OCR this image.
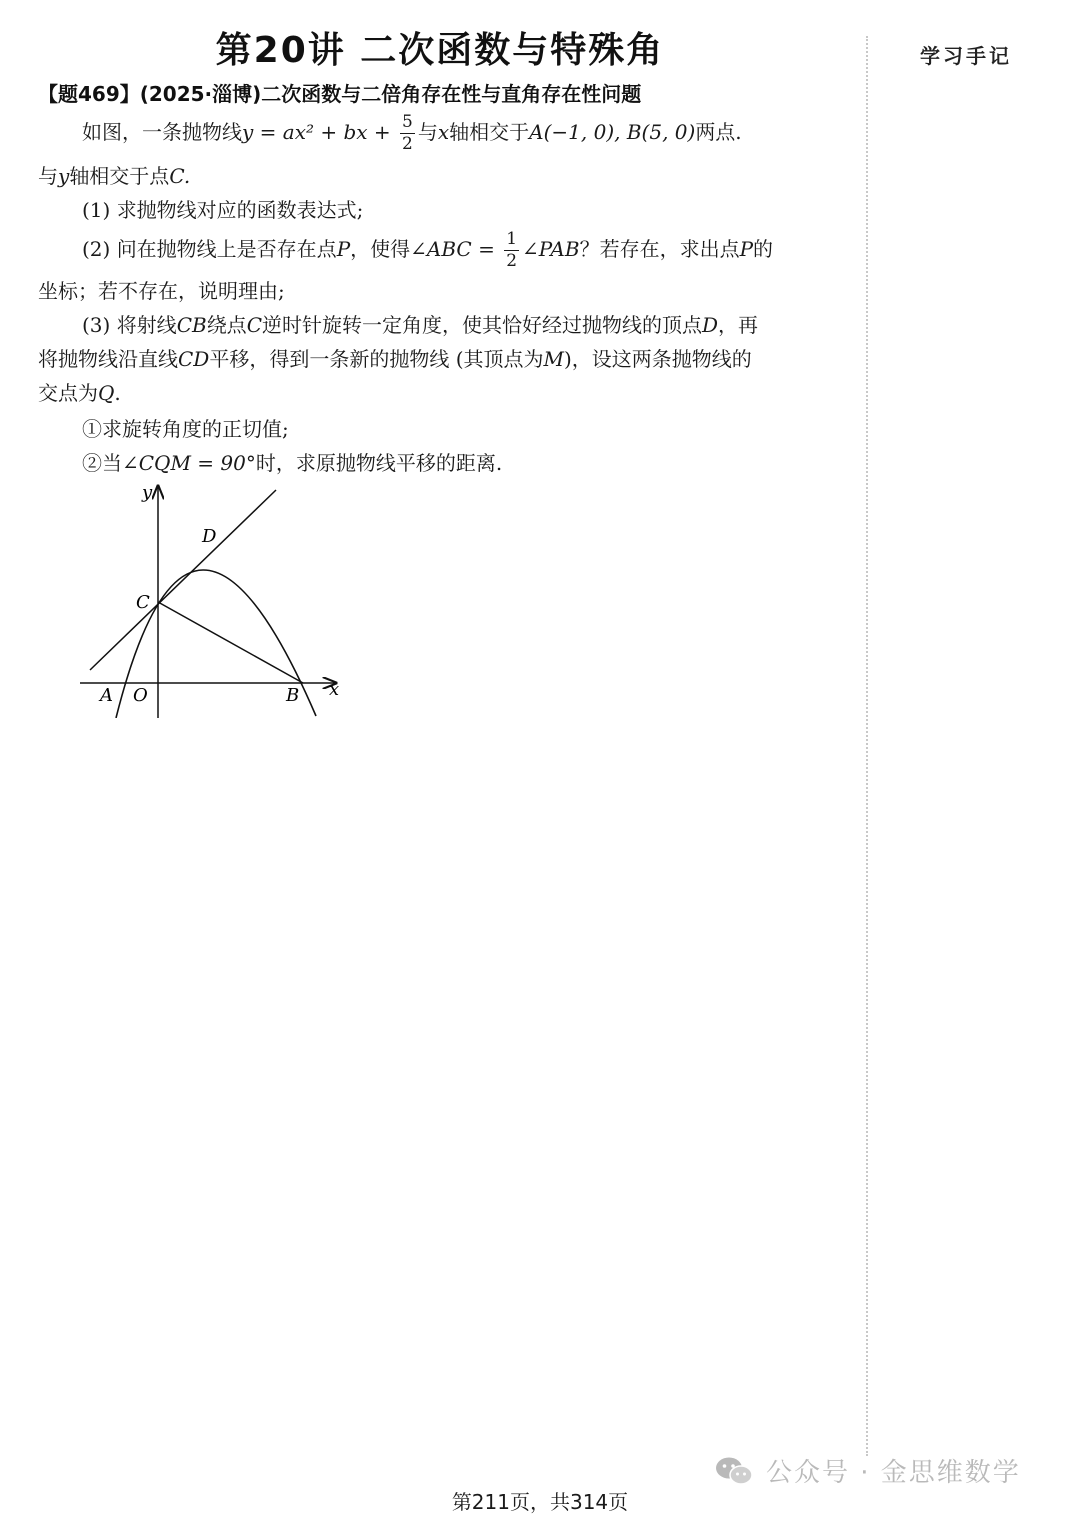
第20讲 二次函数与特殊角	学习手记
【题469】(2025·淄博)二次函数与二倍角存在性与直角存在性问题
如图，一条抛物线y = ax² + bx + $\frac{5}{2}$ 与x轴相交于A(−1, 0), B(5, 0)两点.
与y轴相交于点C.
(1) 求抛物线对应的函数表达式;
(2) 问在抛物线上是否存在点P，使得∠ABC = $\frac{1}{2}$ ∠PAB？若存在，求出点P的
坐标；若不存在，说明理由;
(3) 将射线CB绕点C逆时针旋转一定角度，使其恰好经过抛物线的顶点D，再
将抛物线沿直线CD平移，得到一条新的抛物线 (其顶点为M)，设这两条抛物线的
交点为Q.
①求旋转角度的正切值;
②当∠CQM = 90°时，求原抛物线平移的距离.
y
x
D
C
A O	B
公众号 · 金思维数学
第211页，共314页
